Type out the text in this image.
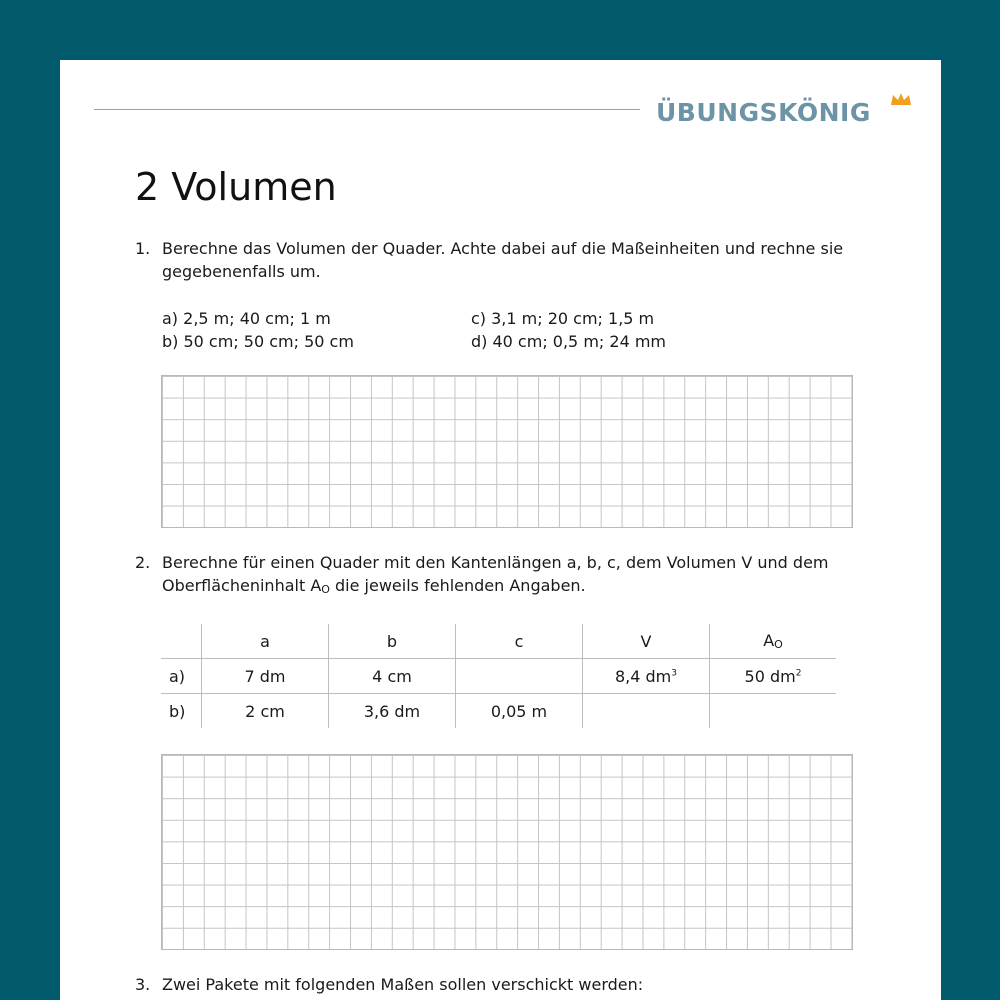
ÜBUNGSKÖNIG
2 Volumen
1. Berechne das Volumen der Quader. Achte dabei auf die Maßeinheiten und rechne sie gegebenenfalls um.
a) 2,5 m; 40 cm; 1 m
b) 50 cm; 50 cm; 50 cm
c) 3,1 m; 20 cm; 1,5 m
d) 40 cm; 0,5 m; 24 mm
2. Berechne für einen Quader mit den Kantenlängen a, b, c, dem Volumen V und dem Oberflächeninhalt $A_O$ die jeweils fehlenden Angaben.
	a	b	c	V	$A_O$
a)	7 dm	4 cm		8,4 $dm^3$	50 $dm^2$
b)	2 cm	3,6 dm	0,05 m		
3. Zwei Pakete mit folgenden Maßen sollen verschickt werden:
